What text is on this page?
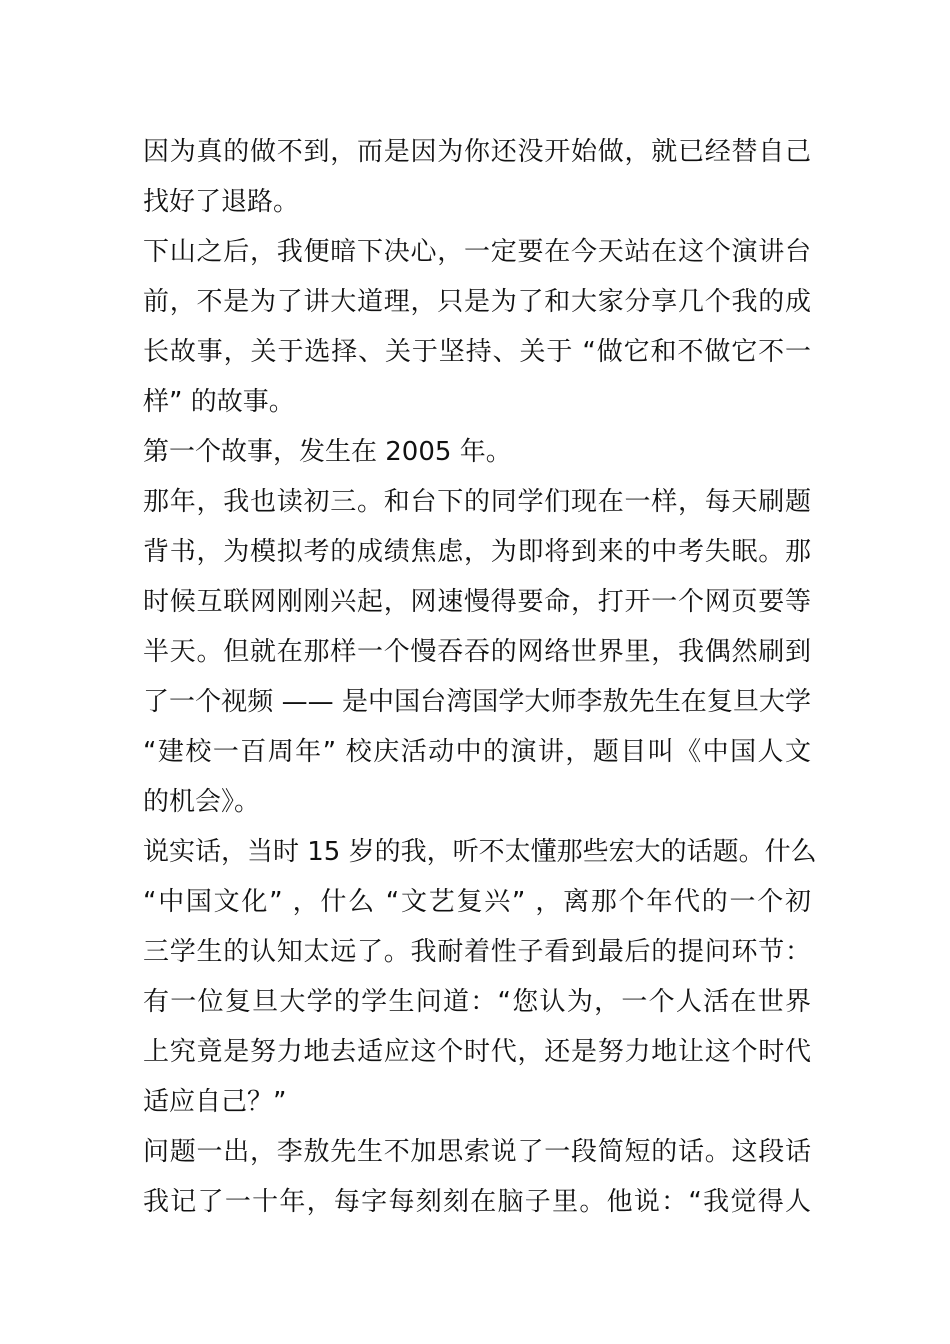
因为真的做不到，而是因为你还没开始做，就已经替自己
找好了退路。
下山之后，我便暗下决心，一定要在今天站在这个演讲台
前，不是为了讲大道理，只是为了和大家分享几个我的成
长故事，关于选择、关于坚持、关于 “做它和不做它不一
样” 的故事。
第一个故事，发生在 2005 年。
那年，我也读初三。和台下的同学们现在一样，每天刷题
背书，为模拟考的成绩焦虑，为即将到来的中考失眠。那
时候互联网刚刚兴起，网速慢得要命，打开一个网页要等
半天。但就在那样一个慢吞吞的网络世界里，我偶然刷到
了一个视频 —— 是中国台湾国学大师李敖先生在复旦大学
“建校一百周年” 校庆活动中的演讲，题目叫《中国人文
的机会》。
说实话，当时 15 岁的我，听不太懂那些宏大的话题。什么
“中国文化” ，什么 “文艺复兴” ，离那个年代的一个初
三学生的认知太远了。我耐着性子看到最后的提问环节：
有一位复旦大学的学生问道：“您认为，一个人活在世界
上究竟是努力地去适应这个时代，还是努力地让这个时代
适应自己？”
问题一出，李敖先生不加思索说了一段简短的话。这段话
我记了一十年，每字每刻刻在脑子里。他说：“我觉得人
